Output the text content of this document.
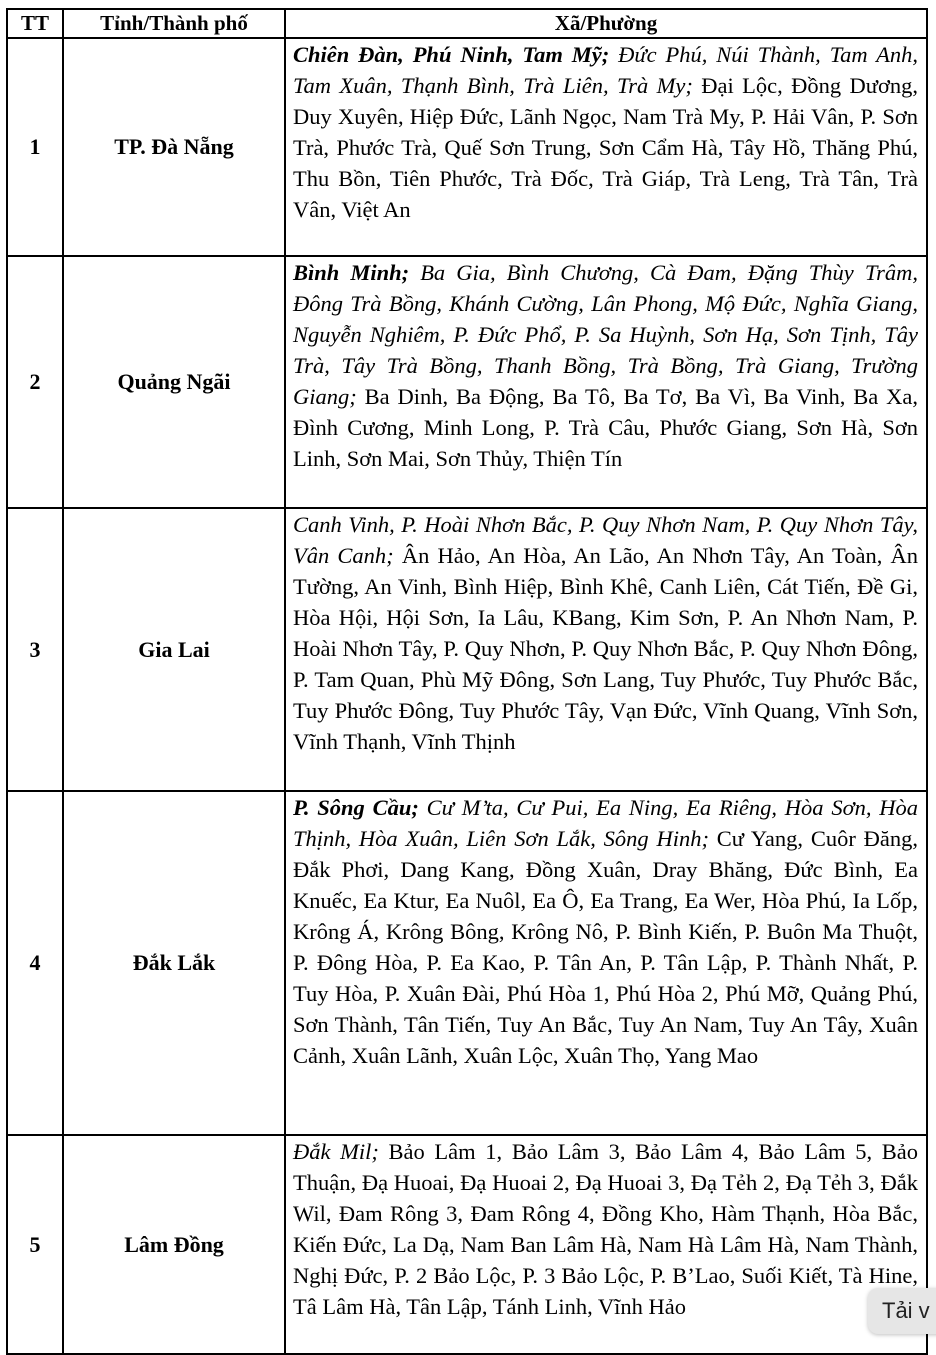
TT	Tỉnh/Thành phố	Xã/Phường
1	TP. Đà Nẵng	Chiên Đàn, Phú Ninh, Tam Mỹ; Đức Phú, Núi Thành, Tam Anh, Tam Xuân, Thạnh Bình, Trà Liên, Trà My; Đại Lộc, Đồng Dương, Duy Xuyên, Hiệp Đức, Lãnh Ngọc, Nam Trà My, P. Hải Vân, P. Sơn Trà, Phước Trà, Quế Sơn Trung, Sơn Cẩm Hà, Tây Hồ, Thăng Phú, Thu Bồn, Tiên Phước, Trà Đốc, Trà Giáp, Trà Leng, Trà Tân, Trà Vân, Việt An
2	Quảng Ngãi	Bình Minh; Ba Gia, Bình Chương, Cà Đam, Đặng Thùy Trâm, Đông Trà Bồng, Khánh Cường, Lân Phong, Mộ Đức, Nghĩa Giang, Nguyễn Nghiêm, P. Đức Phổ, P. Sa Huỳnh, Sơn Hạ, Sơn Tịnh, Tây Trà, Tây Trà Bồng, Thanh Bồng, Trà Bồng, Trà Giang, Trường Giang; Ba Dinh, Ba Động, Ba Tô, Ba Tơ, Ba Vì, Ba Vinh, Ba Xa, Đình Cương, Minh Long, P. Trà Câu, Phước Giang, Sơn Hà, Sơn Linh, Sơn Mai, Sơn Thủy, Thiện Tín
3	Gia Lai	Canh Vinh, P. Hoài Nhơn Bắc, P. Quy Nhơn Nam, P. Quy Nhơn Tây, Vân Canh; Ân Hảo, An Hòa, An Lão, An Nhơn Tây, An Toàn, Ân Tường, An Vinh, Bình Hiệp, Bình Khê, Canh Liên, Cát Tiến, Đề Gi, Hòa Hội, Hội Sơn, Ia Lâu, KBang, Kim Sơn, P. An Nhơn Nam, P. Hoài Nhơn Tây, P. Quy Nhơn, P. Quy Nhơn Bắc, P. Quy Nhơn Đông, P. Tam Quan, Phù Mỹ Đông, Sơn Lang, Tuy Phước, Tuy Phước Bắc, Tuy Phước Đông, Tuy Phước Tây, Vạn Đức, Vĩnh Quang, Vĩnh Sơn, Vĩnh Thạnh, Vĩnh Thịnh
4	Đắk Lắk	P. Sông Cầu; Cư M’ta, Cư Pui, Ea Ning, Ea Riêng, Hòa Sơn, Hòa Thịnh, Hòa Xuân, Liên Sơn Lắk, Sông Hinh; Cư Yang, Cuôr Đăng, Đắk Phơi, Dang Kang, Đồng Xuân, Dray Bhăng, Đức Bình, Ea Knuếc, Ea Ktur, Ea Nuôl, Ea Ô, Ea Trang, Ea Wer, Hòa Phú, Ia Lốp, Krông Á, Krông Bông, Krông Nô, P. Bình Kiến, P. Buôn Ma Thuột, P. Đông Hòa, P. Ea Kao, P. Tân An, P. Tân Lập, P. Thành Nhất, P. Tuy Hòa, P. Xuân Đài, Phú Hòa 1, Phú Hòa 2, Phú Mỡ, Quảng Phú, Sơn Thành, Tân Tiến, Tuy An Bắc, Tuy An Nam, Tuy An Tây, Xuân Cảnh, Xuân Lãnh, Xuân Lộc, Xuân Thọ, Yang Mao
5	Lâm Đồng	Đắk Mil; Bảo Lâm 1, Bảo Lâm 3, Bảo Lâm 4, Bảo Lâm 5, Bảo Thuận, Đạ Huoai, Đạ Huoai 2, Đạ Huoai 3, Đạ Tẻh 2, Đạ Tẻh 3, Đắk Wil, Đam Rông 3, Đam Rông 4, Đồng Kho, Hàm Thạnh, Hòa Bắc, Kiến Đức, La Dạ, Nam Ban Lâm Hà, Nam Hà Lâm Hà, Nam Thành, Nghị Đức, P. 2 Bảo Lộc, P. 3 Bảo Lộc, P. B’Lao, Suối Kiết, Tà Hine, Tâ Lâm Hà, Tân Lập, Tánh Linh, Vĩnh Hảo	Tải v
